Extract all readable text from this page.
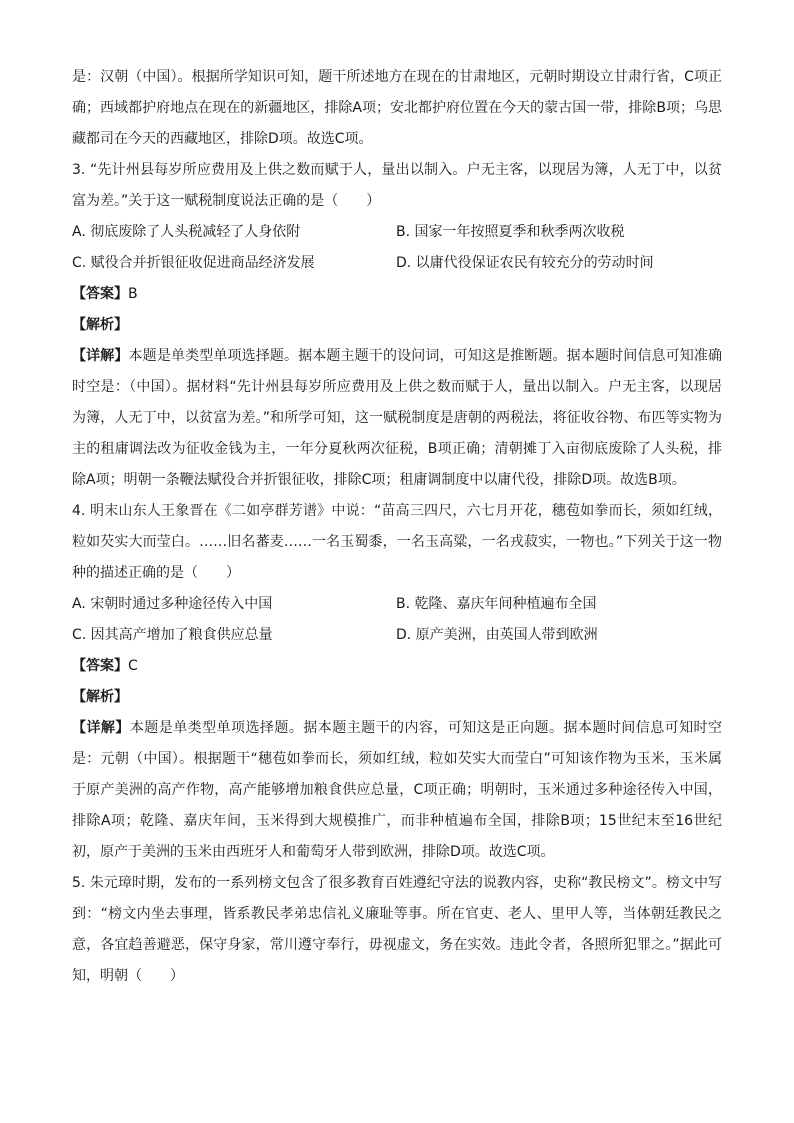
是：汉朝（中国）。根据所学知识可知，题干所述地方在现在的甘肃地区，元朝时期设立甘肃行省，C项正确；西域都护府地点在现在的新疆地区，排除A项；安北都护府位置在今天的蒙古国一带，排除B项；乌思藏都司在今天的西藏地区，排除D项。故选C项。

3. “先计州县每岁所应费用及上供之数而赋于人，量出以制入。户无主客，以现居为簿，人无丁中，以贫富为差。”关于这一赋税制度说法正确的是（　　）

A. 彻底废除了人头税减轻了人身依附	B. 国家一年按照夏季和秋季两次收税
C. 赋役合并折银征收促进商品经济发展	D. 以庸代役保证农民有较充分的劳动时间
【答案】B
【解析】

【详解】本题是单类型单项选择题。据本题主题干的设问词，可知这是推断题。据本题时间信息可知准确时空是：（中国）。据材料“先计州县每岁所应费用及上供之数而赋于人，量出以制入。户无主客，以现居为簿，人无丁中，以贫富为差。”和所学可知，这一赋税制度是唐朝的两税法，将征收谷物、布匹等实物为主的租庸调法改为征收金钱为主，一年分夏秋两次征税，B项正确；清朝摊丁入亩彻底废除了人头税，排除A项；明朝一条鞭法赋役合并折银征收，排除C项；租庸调制度中以庸代役，排除D项。故选B项。

4. 明末山东人王象晋在《二如亭群芳谱》中说：“苗高三四尺，六七月开花，穗苞如拳而长，须如红绒，粒如芡实大而莹白。……旧名蕃麦……一名玉蜀黍，一名玉高粱，一名戎菽实，一物也。”下列关于这一物种的描述正确的是（　　）

A. 宋朝时通过多种途径传入中国	B. 乾隆、嘉庆年间种植遍布全国
C. 因其高产增加了粮食供应总量	D. 原产美洲，由英国人带到欧洲
【答案】C
【解析】

【详解】本题是单类型单项选择题。据本题主题干的内容，可知这是正向题。据本题时间信息可知时空是：元朝（中国）。根据题干“穗苞如拳而长，须如红绒，粒如芡实大而莹白”可知该作物为玉米，玉米属于原产美洲的高产作物，高产能够增加粮食供应总量，C项正确；明朝时，玉米通过多种途径传入中国，排除A项；乾隆、嘉庆年间，玉米得到大规模推广，而非种植遍布全国，排除B项；15世纪末至16世纪初，原产于美洲的玉米由西班牙人和葡萄牙人带到欧洲，排除D项。故选C项。

5. 朱元璋时期，发布的一系列榜文包含了很多教育百姓遵纪守法的说教内容，史称“教民榜文”。榜文中写到：“榜文内坐去事理，皆系教民孝弟忠信礼义廉耻等事。所在官吏、老人、里甲人等，当体朝廷教民之意，各宜趋善避恶，保守身家，常川遵守奉行，毋视虚文，务在实效。违此令者，各照所犯罪之。”据此可知，明朝（　　）
